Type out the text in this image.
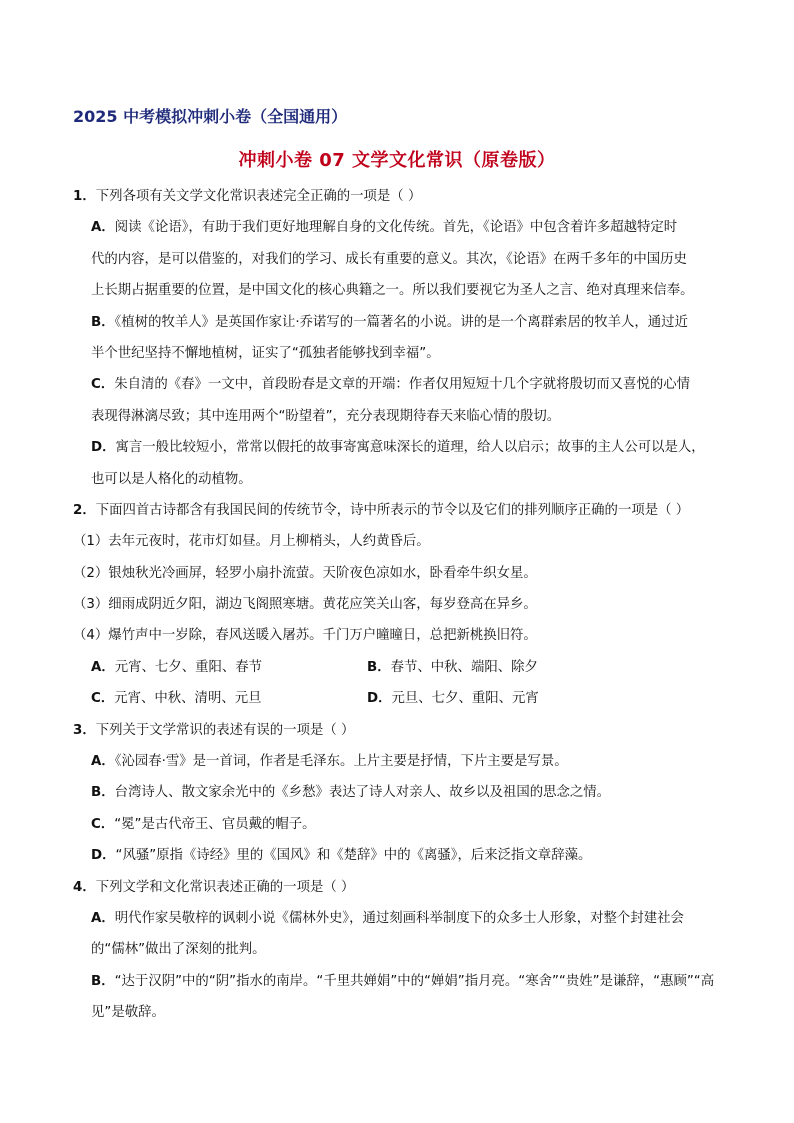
2025 中考模拟冲刺小卷（全国通用）
冲刺小卷 07 文学文化常识（原卷版）
1．下列各项有关文学文化常识表述完全正确的一项是（ ）
A．阅读《论语》，有助于我们更好地理解自身的文化传统。首先，《论语》中包含着许多超越特定时
代的内容，是可以借鉴的，对我们的学习、成长有重要的意义。其次，《论语》在两千多年的中国历史
上长期占据重要的位置，是中国文化的核心典籍之一。所以我们要视它为圣人之言、绝对真理来信奉。
B．《植树的牧羊人》是英国作家让·乔诺写的一篇著名的小说。讲的是一个离群索居的牧羊人，通过近
半个世纪坚持不懈地植树，证实了“孤独者能够找到幸福”。
C．朱自清的《春》一文中，首段盼春是文章的开端：作者仅用短短十几个字就将殷切而又喜悦的心情
表现得淋漓尽致；其中连用两个“盼望着”，充分表现期待春天来临心情的殷切。
D．寓言一般比较短小，常常以假托的故事寄寓意味深长的道理，给人以启示；故事的主人公可以是人，
也可以是人格化的动植物。
2．下面四首古诗都含有我国民间的传统节令，诗中所表示的节令以及它们的排列顺序正确的一项是（ ）
（1）去年元夜时，花市灯如昼。月上柳梢头，人约黄昏后。
（2）银烛秋光冷画屏，轻罗小扇扑流萤。天阶夜色凉如水，卧看牵牛织女星。
（3）细雨成阴近夕阳，湖边飞阁照寒塘。黄花应笑关山客，每岁登高在异乡。
（4）爆竹声中一岁除，春风送暖入屠苏。千门万户曈曈日，总把新桃换旧符。
A．元宵、七夕、重阳、春节	B．春节、中秋、端阳、除夕
C．元宵、中秋、清明、元旦	D．元旦、七夕、重阳、元宵
3．下列关于文学常识的表述有误的一项是（ ）
A．《沁园春·雪》是一首词，作者是毛泽东。上片主要是抒情，下片主要是写景。
B．台湾诗人、散文家余光中的《乡愁》表达了诗人对亲人、故乡以及祖国的思念之情。
C．“冕”是古代帝王、官员戴的帽子。
D．“风骚”原指《诗经》里的《国风》和《楚辞》中的《离骚》，后来泛指文章辞藻。
4．下列文学和文化常识表述正确的一项是（ ）
A．明代作家吴敬梓的讽刺小说《儒林外史》，通过刻画科举制度下的众多士人形象，对整个封建社会
的“儒林”做出了深刻的批判。
B．“达于汉阴”中的“阴”指水的南岸。“千里共婵娟”中的“婵娟”指月亮。“寒舍”“贵姓”是谦辞，“惠顾”“高
见”是敬辞。
